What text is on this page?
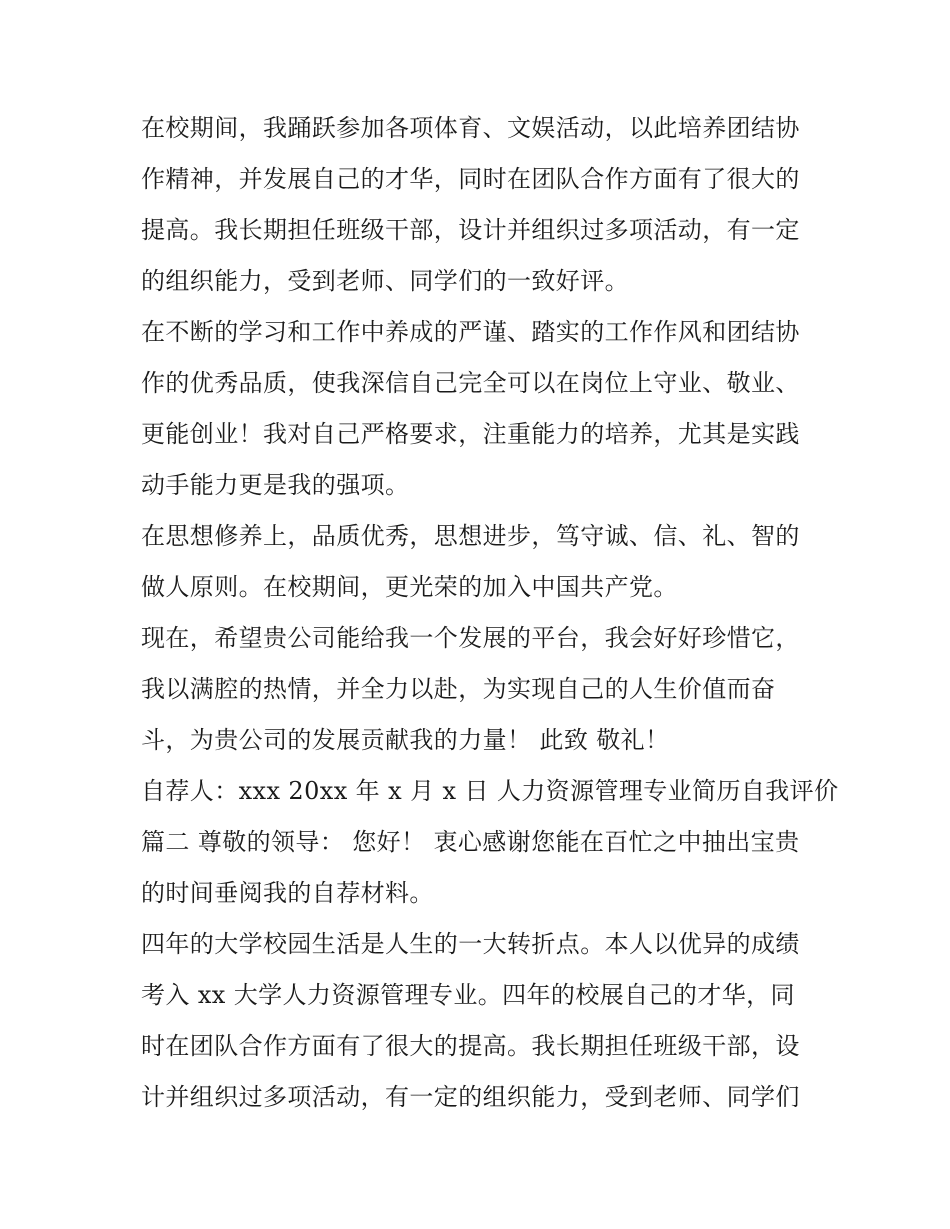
在校期间，我踊跃参加各项体育、文娱活动，以此培养团结协
作精神，并发展自己的才华，同时在团队合作方面有了很大的
提高。我长期担任班级干部，设计并组织过多项活动，有一定
的组织能力，受到老师、同学们的一致好评。
在不断的学习和工作中养成的严谨、踏实的工作作风和团结协
作的优秀品质，使我深信自己完全可以在岗位上守业、敬业、
更能创业！我对自己严格要求，注重能力的培养，尤其是实践
动手能力更是我的强项。
在思想修养上，品质优秀，思想进步，笃守诚、信、礼、智的
做人原则。在校期间，更光荣的加入中国共产党。
现在，希望贵公司能给我一个发展的平台，我会好好珍惜它，
我以满腔的热情，并全力以赴，为实现自己的人生价值而奋
斗，为贵公司的发展贡献我的力量！ 此致 敬礼！
自荐人：xxx 20xx 年 x 月 x 日 人力资源管理专业简历自我评价
篇二 尊敬的领导： 您好！ 衷心感谢您能在百忙之中抽出宝贵
的时间垂阅我的自荐材料。
四年的大学校园生活是人生的一大转折点。本人以优异的成绩
考入 xx 大学人力资源管理专业。四年的校展自己的才华，同
时在团队合作方面有了很大的提高。我长期担任班级干部，设
计并组织过多项活动，有一定的组织能力，受到老师、同学们
